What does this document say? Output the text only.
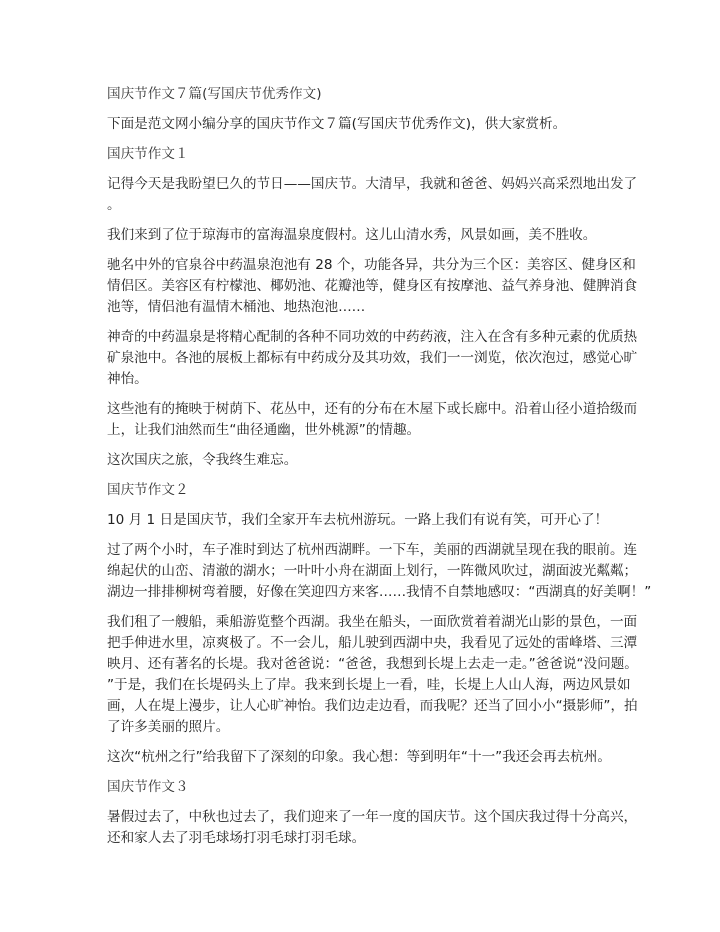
国庆节作文７篇(写国庆节优秀作文)

下面是范文网小编分享的国庆节作文７篇(写国庆节优秀作文)，供大家赏析。

国庆节作文１

记得今天是我盼望巳久的节日——国庆节。大清早，我就和爸爸、妈妈兴高采烈地出发了
。

我们来到了位于琼海市的富海温泉度假村。这儿山清水秀，风景如画，美不胜收。

驰名中外的官泉谷中药温泉泡池有 28 个，功能各异，共分为三个区：美容区、健身区和
情侣区。美容区有柠檬池、椰奶池、花瓣池等，健身区有按摩池、益气养身池、健脾消食
池等，情侣池有温情木桶池、地热泡池……

神奇的中药温泉是将精心配制的各种不同功效的中药药液，注入在含有多种元素的优质热
矿泉池中。各池的展板上都标有中药成分及其功效，我们一一浏览，依次泡过，感觉心旷
神怡。

这些池有的掩映于树荫下、花丛中，还有的分布在木屋下或长廊中。沿着山径小道拾级而
上，让我们油然而生“曲径通幽，世外桃源”的情趣。

这次国庆之旅，令我终生难忘。

国庆节作文２

10 月 1 日是国庆节，我们全家开车去杭州游玩。一路上我们有说有笑，可开心了！

过了两个小时，车子准时到达了杭州西湖畔。一下车，美丽的西湖就呈现在我的眼前。连
绵起伏的山峦、清澈的湖水；一叶叶小舟在湖面上划行，一阵微风吹过，湖面波光粼粼；
湖边一排排柳树弯着腰，好像在笑迎四方来客……我情不自禁地感叹：“西湖真的好美啊！”

我们租了一艘船，乘船游览整个西湖。我坐在船头，一面欣赏着着湖光山影的景色，一面
把手伸进水里，凉爽极了。不一会儿，船儿驶到西湖中央，我看见了远处的雷峰塔、三潭
映月、还有著名的长堤。我对爸爸说：“爸爸，我想到长堤上去走一走。”爸爸说“没问题。
”于是，我们在长堤码头上了岸。我来到长堤上一看，哇，长堤上人山人海，两边风景如
画，人在堤上漫步，让人心旷神怡。我们边走边看，而我呢？还当了回小小“摄影师”，拍
了许多美丽的照片。

这次“杭州之行”给我留下了深刻的印象。我心想：等到明年“十一”我还会再去杭州。

国庆节作文３

暑假过去了，中秋也过去了，我们迎来了一年一度的国庆节。这个国庆我过得十分高兴，
还和家人去了羽毛球场打羽毛球打羽毛球。
